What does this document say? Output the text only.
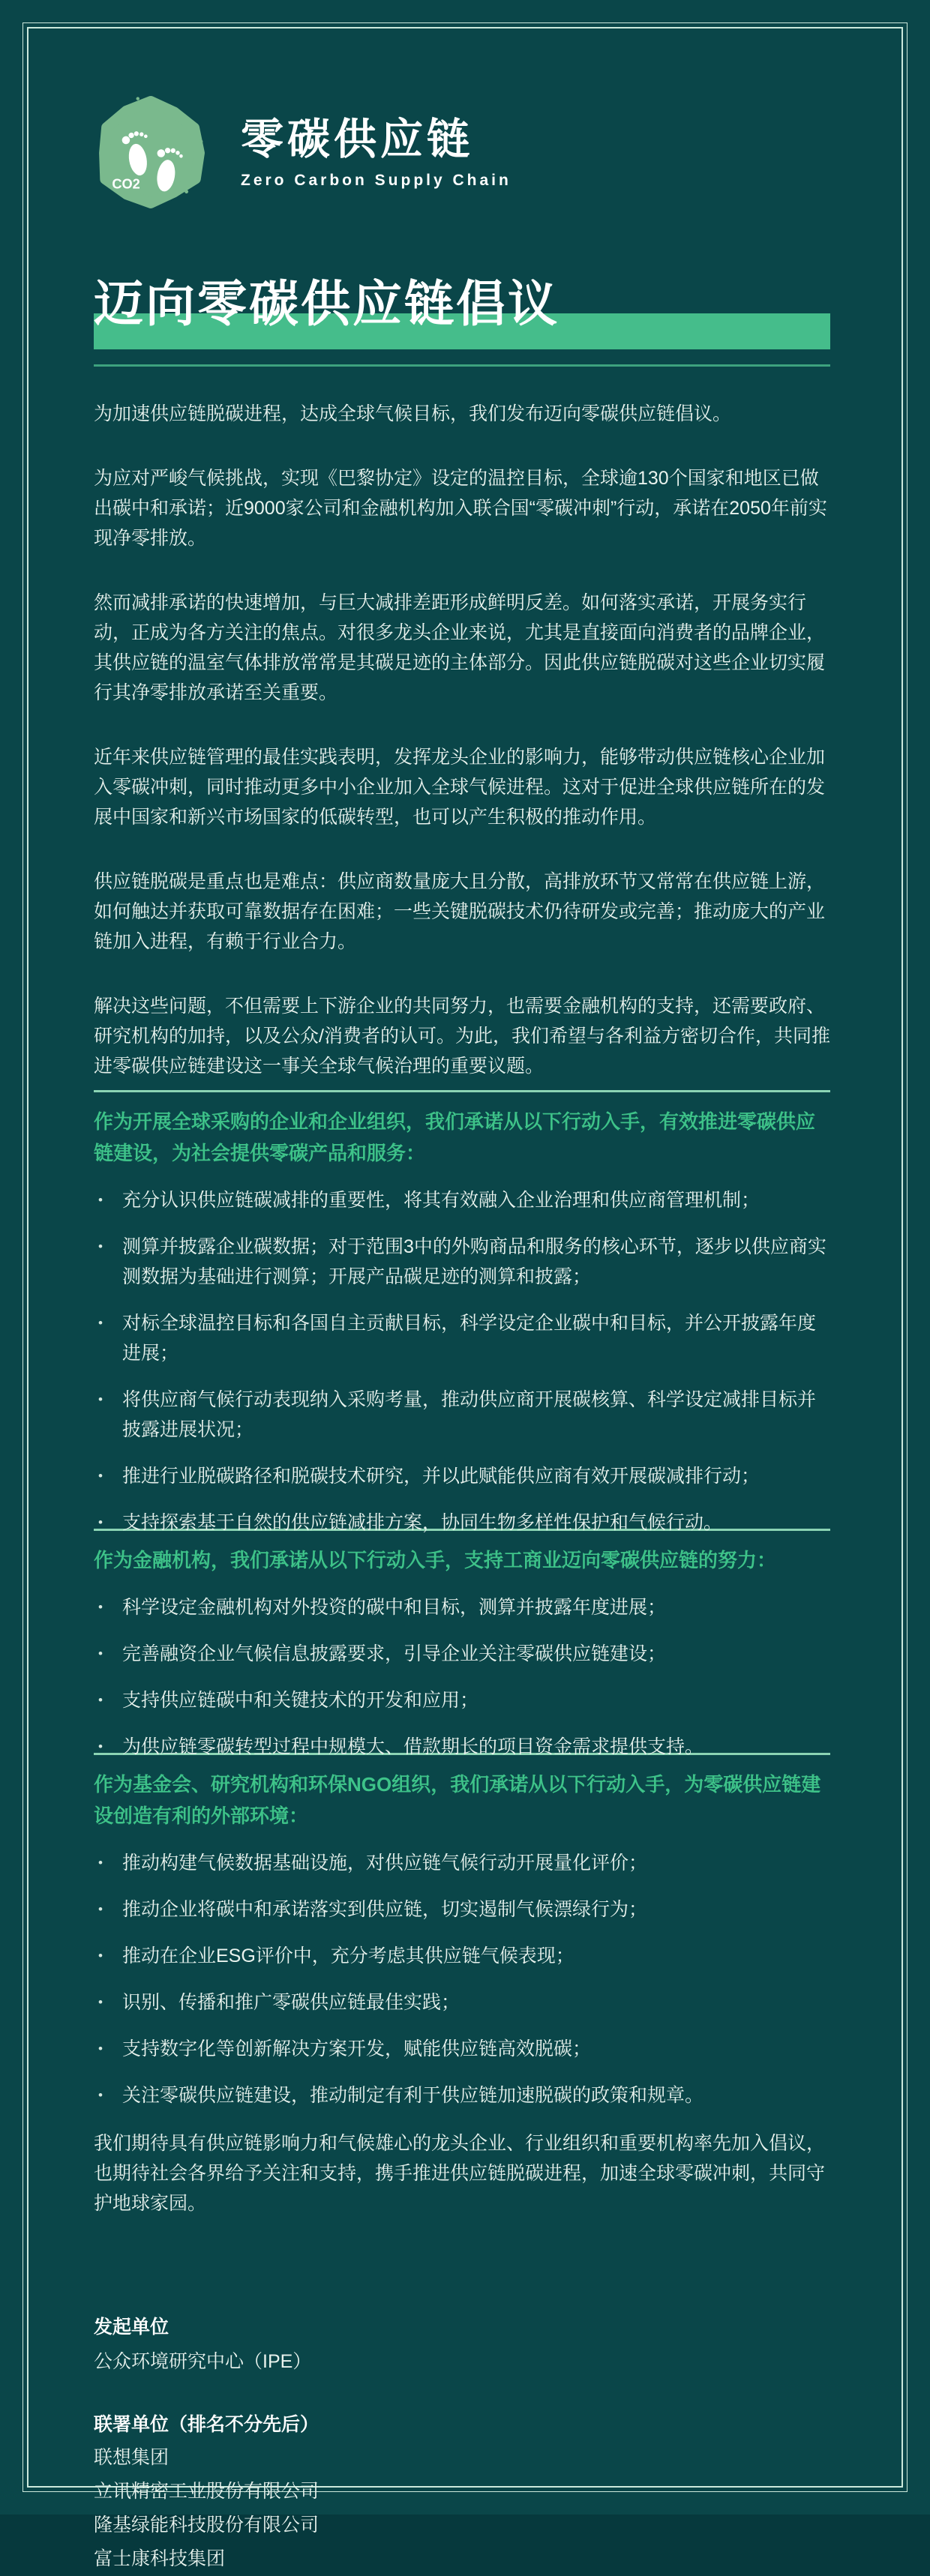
CO2
零碳供应链
Zero Carbon Supply Chain
迈向零碳供应链倡议

为加速供应链脱碳进程，达成全球气候目标，我们发布迈向零碳供应链倡议。

为应对严峻气候挑战，实现《巴黎协定》设定的温控目标，全球逾130个国家和地区已做出碳中和承诺；近9000家公司和金融机构加入联合国“零碳冲刺”行动，承诺在2050年前实现净零排放。

然而减排承诺的快速增加，与巨大减排差距形成鲜明反差。如何落实承诺，开展务实行动，正成为各方关注的焦点。对很多龙头企业来说，尤其是直接面向消费者的品牌企业，其供应链的温室气体排放常常是其碳足迹的主体部分。因此供应链脱碳对这些企业切实履行其净零排放承诺至关重要。

近年来供应链管理的最佳实践表明，发挥龙头企业的影响力，能够带动供应链核心企业加入零碳冲刺，同时推动更多中小企业加入全球气候进程。这对于促进全球供应链所在的发展中国家和新兴市场国家的低碳转型，也可以产生积极的推动作用。

供应链脱碳是重点也是难点：供应商数量庞大且分散，高排放环节又常常在供应链上游，如何触达并获取可靠数据存在困难；一些关键脱碳技术仍待研发或完善；推动庞大的产业链加入进程，有赖于行业合力。

解决这些问题，不但需要上下游企业的共同努力，也需要金融机构的支持，还需要政府、研究机构的加持，以及公众/消费者的认可。为此，我们希望与各利益方密切合作，共同推进零碳供应链建设这一事关全球气候治理的重要议题。

作为开展全球采购的企业和企业组织，我们承诺从以下行动入手，有效推进零碳供应链建设，为社会提供零碳产品和服务：
• 充分认识供应链碳减排的重要性，将其有效融入企业治理和供应商管理机制；
• 测算并披露企业碳数据；对于范围3中的外购商品和服务的核心环节，逐步以供应商实测数据为基础进行测算；开展产品碳足迹的测算和披露；
• 对标全球温控目标和各国自主贡献目标，科学设定企业碳中和目标，并公开披露年度进展；
• 将供应商气候行动表现纳入采购考量，推动供应商开展碳核算、科学设定减排目标并披露进展状况；
• 推进行业脱碳路径和脱碳技术研究，并以此赋能供应商有效开展碳减排行动；
• 支持探索基于自然的供应链减排方案，协同生物多样性保护和气候行动。
作为金融机构，我们承诺从以下行动入手，支持工商业迈向零碳供应链的努力：
• 科学设定金融机构对外投资的碳中和目标，测算并披露年度进展；
• 完善融资企业气候信息披露要求，引导企业关注零碳供应链建设；
• 支持供应链碳中和关键技术的开发和应用；
• 为供应链零碳转型过程中规模大、借款期长的项目资金需求提供支持。
作为基金会、研究机构和环保NGO组织，我们承诺从以下行动入手，为零碳供应链建设创造有利的外部环境：
• 推动构建气候数据基础设施，对供应链气候行动开展量化评价；
• 推动企业将碳中和承诺落实到供应链，切实遏制气候漂绿行为；
• 推动在企业ESG评价中，充分考虑其供应链气候表现；
• 识别、传播和推广零碳供应链最佳实践；
• 支持数字化等创新解决方案开发，赋能供应链高效脱碳；
• 关注零碳供应链建设，推动制定有利于供应链加速脱碳的政策和规章。

我们期待具有供应链影响力和气候雄心的龙头企业、行业组织和重要机构率先加入倡议，也期待社会各界给予关注和支持，携手推进供应链脱碳进程，加速全球零碳冲刺，共同守护地球家园。

发起单位

公众环境研究中心（IPE）

联署单位（排名不分先后）

联想集团
立讯精密工业股份有限公司
隆基绿能科技股份有限公司
富士康科技集团
